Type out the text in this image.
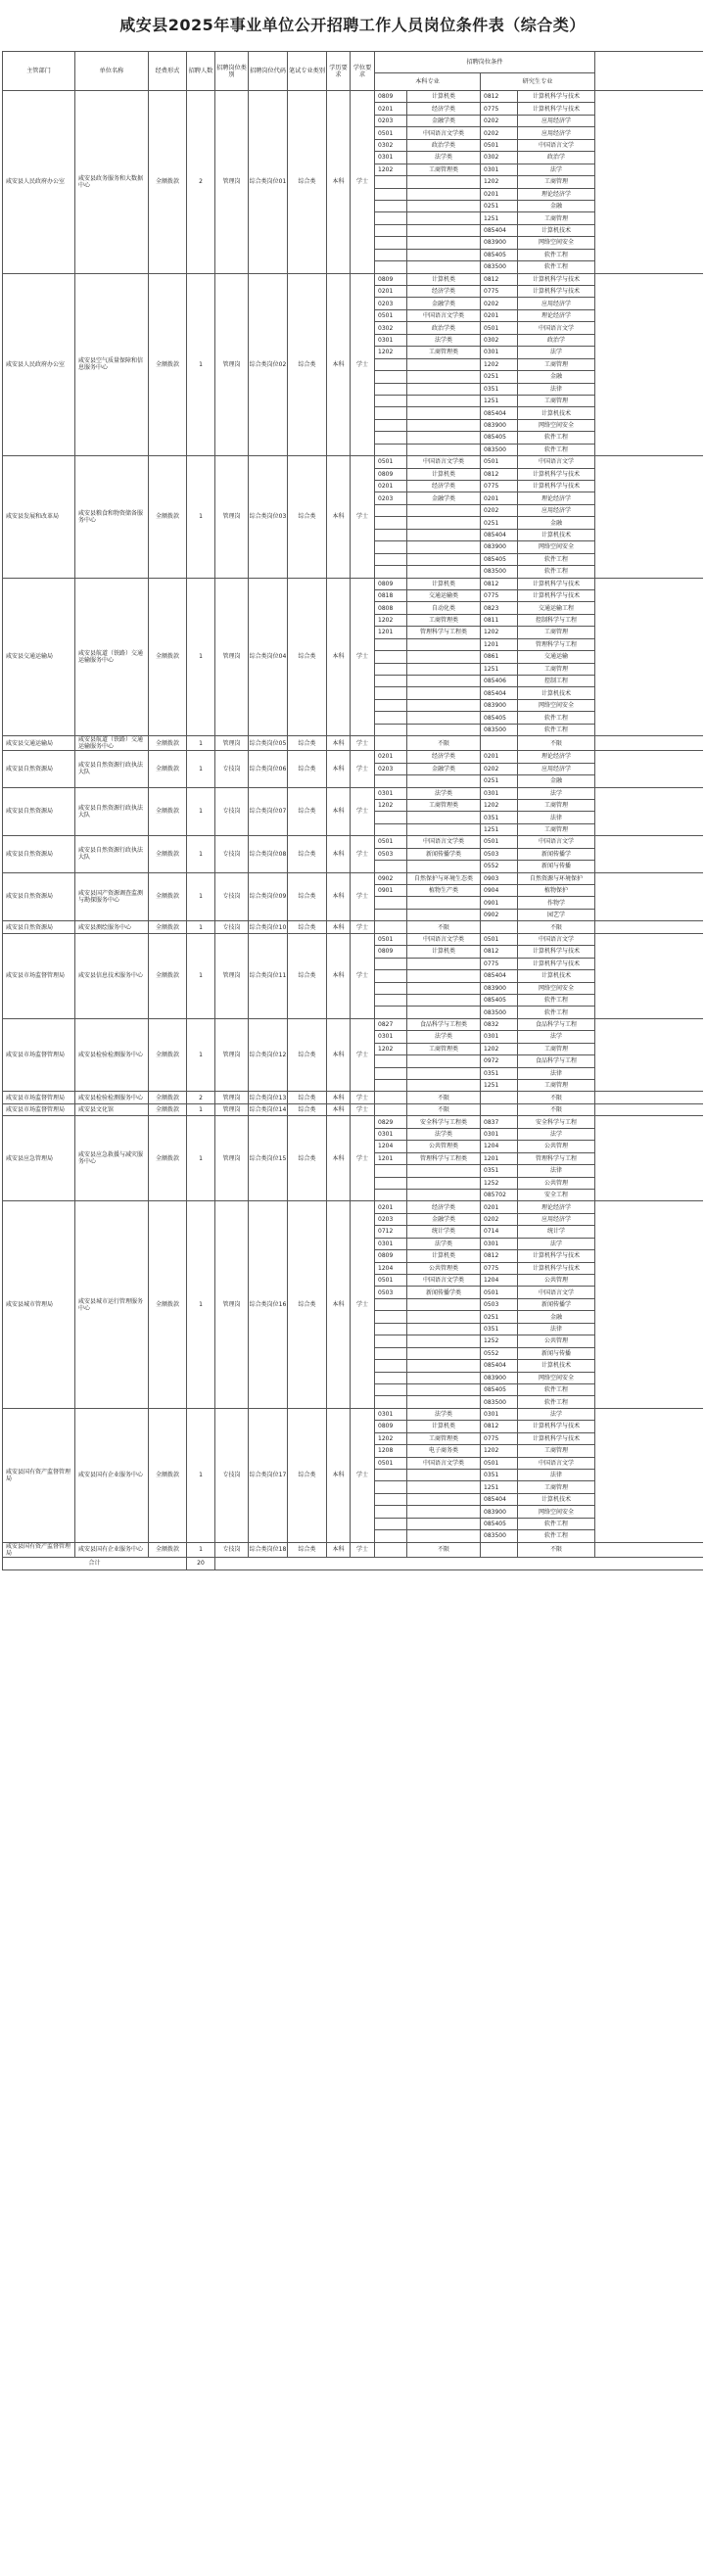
咸安县2025年事业单位公开招聘工作人员岗位条件表（综合类）
主管部门	单位名称	经费形式	招聘人数	招聘岗位类别	招聘岗位代码	笔试专业类别	学历要求	学位要求	招聘岗位条件				
									本科专业		研究生专业		
咸安县人民政府办公室	咸安县政务服务和大数据中心	全额拨款	2	管理岗	综合类岗位01	综合类	本科	学士	0809	计算机类	0812	计算机科学与技术	
									0201	经济学类	0775	计算机科学与技术	
									0203	金融学类	0202	应用经济学	
									0501	中国语言文学类	0202	应用经济学	
									0302	政治学类	0501	中国语言文学	
									0301	法学类	0302	政治学	
									1202	工商管理类	0301	法学	
											1202	工商管理	
											0201	理论经济学	
											0251	金融	
											1251	工商管理	
											085404	计算机技术	
											083900	网络空间安全	
											085405	软件工程	
											083500	软件工程	
咸安县人民政府办公室	咸安县空气质量保障和信息服务中心	全额拨款	1	管理岗	综合类岗位02	综合类	本科	学士	0809	计算机类	0812	计算机科学与技术	
									0201	经济学类	0775	计算机科学与技术	
									0203	金融学类	0202	应用经济学	
									0501	中国语言文学类	0201	理论经济学	
									0302	政治学类	0501	中国语言文学	
									0301	法学类	0302	政治学	
									1202	工商管理类	0301	法学	
											1202	工商管理	
											0251	金融	
											0351	法律	
											1251	工商管理	
											085404	计算机技术	
											083900	网络空间安全	
											085405	软件工程	
											083500	软件工程	
咸安县发展和改革局	咸安县粮食和物资储备服务中心	全额拨款	1	管理岗	综合类岗位03	综合类	本科	学士	0501	中国语言文学类	0501	中国语言文学	
									0809	计算机类	0812	计算机科学与技术	
									0201	经济学类	0775	计算机科学与技术	
									0203	金融学类	0201	理论经济学	
											0202	应用经济学	
											0251	金融	
											085404	计算机技术	
											083900	网络空间安全	
											085405	软件工程	
											083500	软件工程	
咸安县交通运输局	咸安县航道（铁路）交通运输服务中心	全额拨款	1	管理岗	综合类岗位04	综合类	本科	学士	0809	计算机类	0812	计算机科学与技术	
									0818	交通运输类	0775	计算机科学与技术	
									0808	自动化类	0823	交通运输工程	
									1202	工商管理类	0811	控制科学与工程	
									1201	管理科学与工程类	1202	工商管理	
											1201	管理科学与工程	
											0861	交通运输	
											1251	工商管理	
											085406	控制工程	
											085404	计算机技术	
											083900	网络空间安全	
											085405	软件工程	
											083500	软件工程	
咸安县交通运输局	咸安县航道（铁路）交通运输服务中心	全额拨款	1	管理岗	综合类岗位05	综合类	本科	学士		不限		不限	
咸安县自然资源局	咸安县自然资源行政执法大队	全额拨款	1	专技岗	综合类岗位06	综合类	本科	学士	0201	经济学类	0201	理论经济学	
									0203	金融学类	0202	应用经济学	
											0251	金融	
咸安县自然资源局	咸安县自然资源行政执法大队	全额拨款	1	专技岗	综合类岗位07	综合类	本科	学士	0301	法学类	0301	法学	
									1202	工商管理类	1202	工商管理	
											0351	法律	
											1251	工商管理	
咸安县自然资源局	咸安县自然资源行政执法大队	全额拨款	1	专技岗	综合类岗位08	综合类	本科	学士	0501	中国语言文学类	0501	中国语言文学	
									0503	新闻传播学类	0503	新闻传播学	
											0552	新闻与传播	
咸安县自然资源局	咸安县国产资源调查监测与勘探服务中心	全额拨款	1	专技岗	综合类岗位09	综合类	本科	学士	0902	自然保护与环境生态类	0903	自然资源与环境保护	
									0901	植物生产类	0904	植物保护	
											0901	作物学	
											0902	园艺学	
咸安县自然资源局	咸安县测绘服务中心	全额拨款	1	专技岗	综合类岗位10	综合类	本科	学士		不限		不限	
咸安县市场监督管理局	咸安县信息技术服务中心	全额拨款	1	管理岗	综合类岗位11	综合类	本科	学士	0501	中国语言文学类	0501	中国语言文学	
									0809	计算机类	0812	计算机科学与技术	
											0775	计算机科学与技术	
											085404	计算机技术	
											083900	网络空间安全	
											085405	软件工程	
											083500	软件工程	
咸安县市场监督管理局	咸安县检验检测服务中心	全额拨款	1	管理岗	综合类岗位12	综合类	本科	学士	0827	食品科学与工程类	0832	食品科学与工程	
									0301	法学类	0301	法学	
									1202	工商管理类	1202	工商管理	
											0972	食品科学与工程	
											0351	法律	
											1251	工商管理	
咸安县市场监督管理局	咸安县检验检测服务中心	全额拨款	2	管理岗	综合类岗位13	综合类	本科	学士		不限		不限	
咸安县市场监督管理局	咸安县文化馆	全额拨款	1	管理岗	综合类岗位14	综合类	本科	学士		不限		不限	
咸安县应急管理局	咸安县应急救援与减灾服务中心	全额拨款	1	管理岗	综合类岗位15	综合类	本科	学士	0829	安全科学与工程类	0837	安全科学与工程	
									0301	法学类	0301	法学	
									1204	公共管理类	1204	公共管理	
									1201	管理科学与工程类	1201	管理科学与工程	
											0351	法律	
											1252	公共管理	
											085702	安全工程	
咸安县城市管理局	咸安县城市运行管理服务中心	全额拨款	1	管理岗	综合类岗位16	综合类	本科	学士	0201	经济学类	0201	理论经济学	
									0203	金融学类	0202	应用经济学	
									0712	统计学类	0714	统计学	
									0301	法学类	0301	法学	
									0809	计算机类	0812	计算机科学与技术	
									1204	公共管理类	0775	计算机科学与技术	
									0501	中国语言文学类	1204	公共管理	
									0503	新闻传播学类	0501	中国语言文学	
											0503	新闻传播学	
											0251	金融	
											0351	法律	
											1252	公共管理	
											0552	新闻与传播	
											085404	计算机技术	
											083900	网络空间安全	
											085405	软件工程	
											083500	软件工程	
咸安县国有资产监督管理局	咸安县国有企业服务中心	全额拨款	1	专技岗	综合类岗位17	综合类	本科	学士	0301	法学类	0301	法学	
									0809	计算机类	0812	计算机科学与技术	
									1202	工商管理类	0775	计算机科学与技术	
									1208	电子商务类	1202	工商管理	
									0501	中国语言文学类	0501	中国语言文学	
											0351	法律	
											1251	工商管理	
											085404	计算机技术	
											083900	网络空间安全	
											085405	软件工程	
											083500	软件工程	
咸安县国有资产监督管理局	咸安县国有企业服务中心	全额拨款	1	专技岗	综合类岗位18	综合类	本科	学士		不限		不限	
合计			20										
